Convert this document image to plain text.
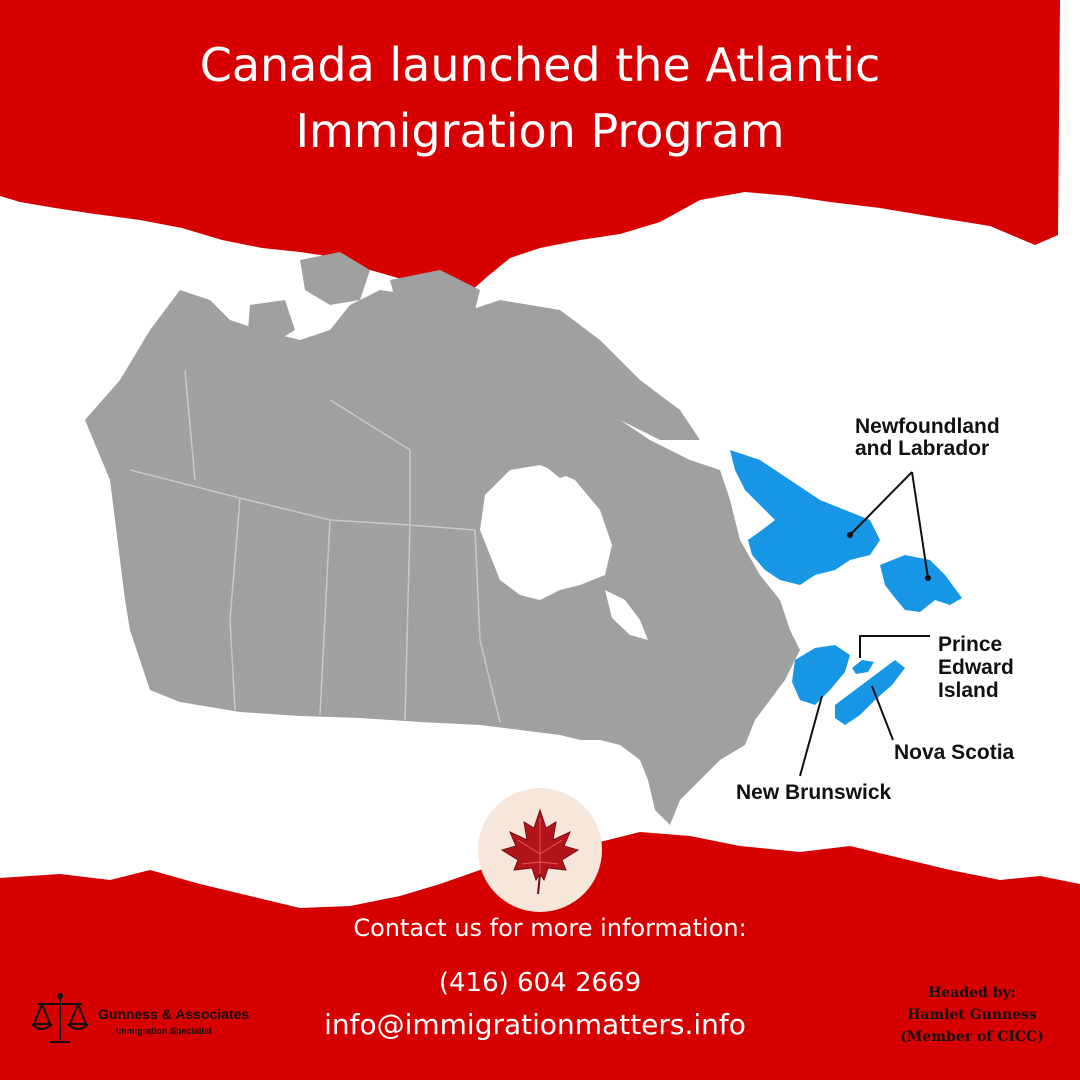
Newfoundland
and Labrador
Prince
Edward
Island
Nova Scotia
New Brunswick
Canada launched the Atlantic
Immigration Program
Contact us for more information:
(416) 604 2669
info@immigrationmatters.info
Gunness & Associates
Immigration Specialist
Headed by:
Hamlet Gunness
(Member of CICC)
